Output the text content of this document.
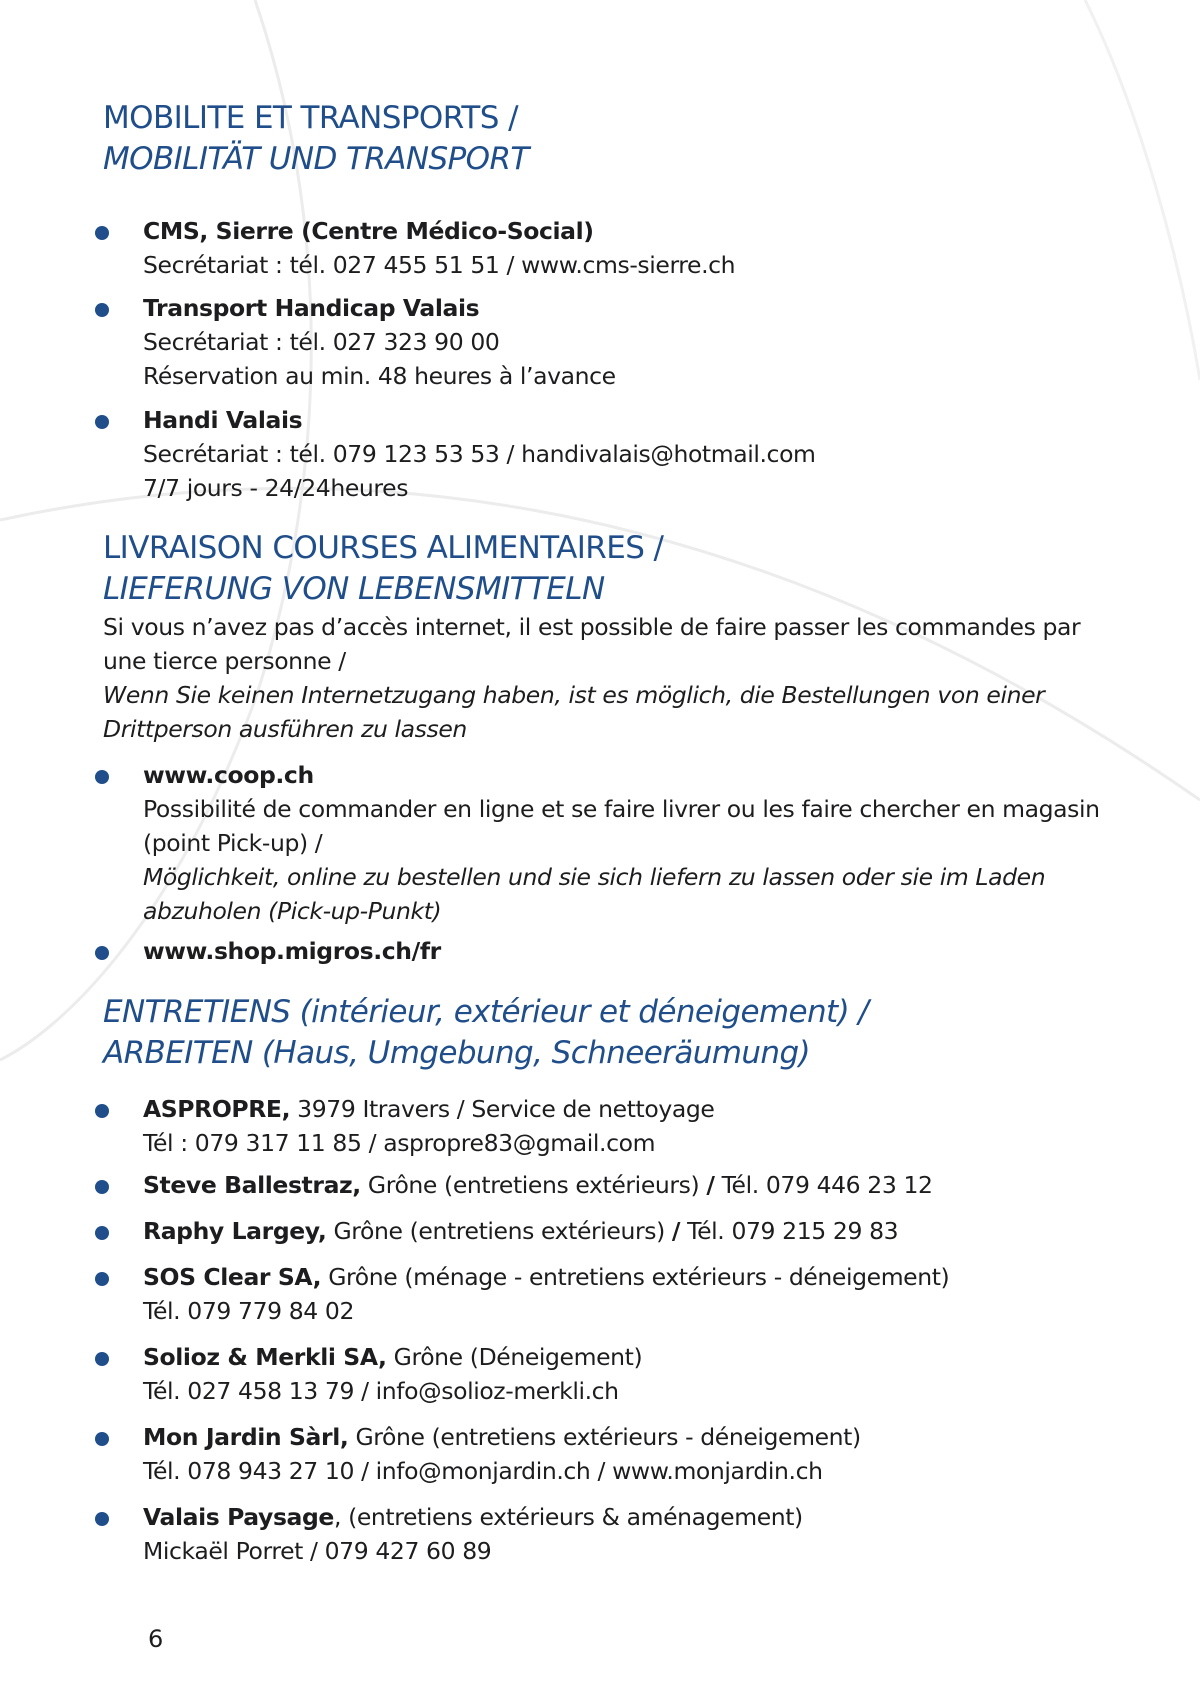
MOBILITE ET TRANSPORTS /
MOBILITÄT UND TRANSPORT
CMS, Sierre (Centre Médico-Social)
Secrétariat : tél. 027 455 51 51 / www.cms-sierre.ch
Transport Handicap Valais
Secrétariat : tél. 027 323 90 00
Réservation au min. 48 heures à l’avance
Handi Valais
Secrétariat : tél. 079 123 53 53 / handivalais@hotmail.com
7/7 jours - 24/24heures
LIVRAISON COURSES ALIMENTAIRES /
LIEFERUNG VON LEBENSMITTELN

Si vous n’avez pas d’accès internet, il est possible de faire passer les commandes par une tierce personne /
Wenn Sie keinen Internetzugang haben, ist es möglich, die Bestellungen von einer Drittperson ausführen zu lassen

www.coop.ch
Possibilité de commander en ligne et se faire livrer ou les faire chercher en magasin (point Pick-up) /
Möglichkeit, online zu bestellen und sie sich liefern zu lassen oder sie im Laden abzuholen (Pick-up-Punkt)
www.shop.migros.ch/fr
ENTRETIENS (intérieur, extérieur et déneigement) /
ARBEITEN (Haus, Umgebung, Schneeräumung)
ASPROPRE, 3979 Itravers / Service de nettoyage
Tél : 079 317 11 85 / aspropre83@gmail.com
Steve Ballestraz, Grône (entretiens extérieurs) / Tél. 079 446 23 12
Raphy Largey, Grône (entretiens extérieurs) / Tél. 079 215 29 83
SOS Clear SA, Grône (ménage - entretiens extérieurs - déneigement)
Tél. 079 779 84 02
Solioz & Merkli SA, Grône (Déneigement)
Tél. 027 458 13 79 / info@solioz-merkli.ch
Mon Jardin Sàrl, Grône (entretiens extérieurs - déneigement)
Tél. 078 943 27 10 / info@monjardin.ch / www.monjardin.ch
Valais Paysage, (entretiens extérieurs & aménagement)
Mickaël Porret / 079 427 60 89
6
